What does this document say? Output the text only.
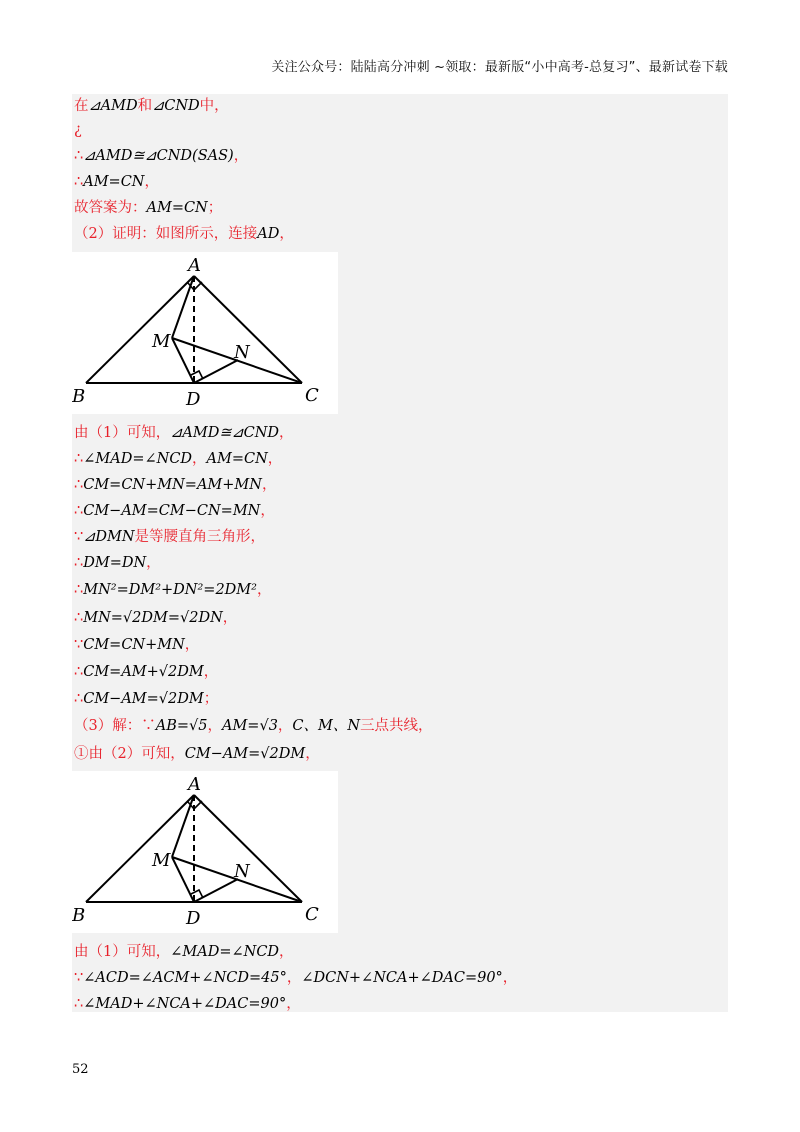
关注公众号：陆陆高分冲刺 ~领取：最新版“小中高考-总复习”、最新试卷下载
在⊿AMD和⊿CND中，
¿
∴⊿AMD≅⊿CND(SAS)，
∴AM=CN，
故答案为：AM=CN；
（2）证明：如图所示，连接AD，
A
B	C
D
M
N
由（1）可知，⊿AMD≅⊿CND，
∴∠MAD=∠NCD，AM=CN，
∴CM=CN+MN=AM+MN，
∴CM−AM=CM−CN=MN，
∵⊿DMN是等腰直角三角形，
∴DM=DN，
∴MN²=DM²+DN²=2DM²，
∴MN=√2DM=√2DN，
∵CM=CN+MN，
∴CM=AM+√2DM，
∴CM−AM=√2DM；
（3）解：∵AB=√5，AM=√3，C、M、N三点共线，
①由（2）可知，CM−AM=√2DM，
A
B	C
D
M
N
由（1）可知，∠MAD=∠NCD，
∵∠ACD=∠ACM+∠NCD=45°，∠DCN+∠NCA+∠DAC=90°，
∴∠MAD+∠NCA+∠DAC=90°，
52
